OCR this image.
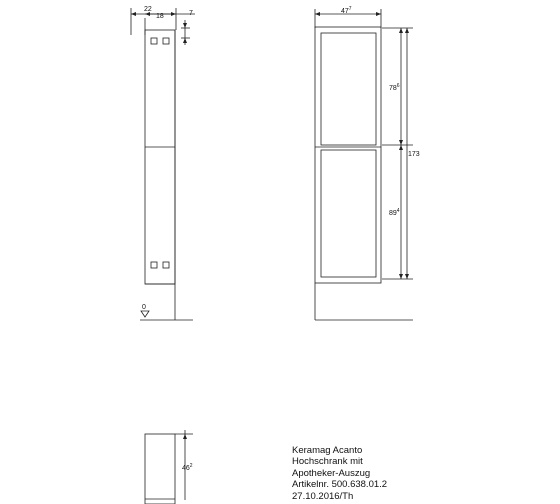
22
18	7
0
$47^7$
$78^6$
173
$89^4$
$46^2$
Keramag Acanto
Hochschrank mit
Apotheker-Auszug
Artikelnr. 500.638.01.2
27.10.2016/Th
